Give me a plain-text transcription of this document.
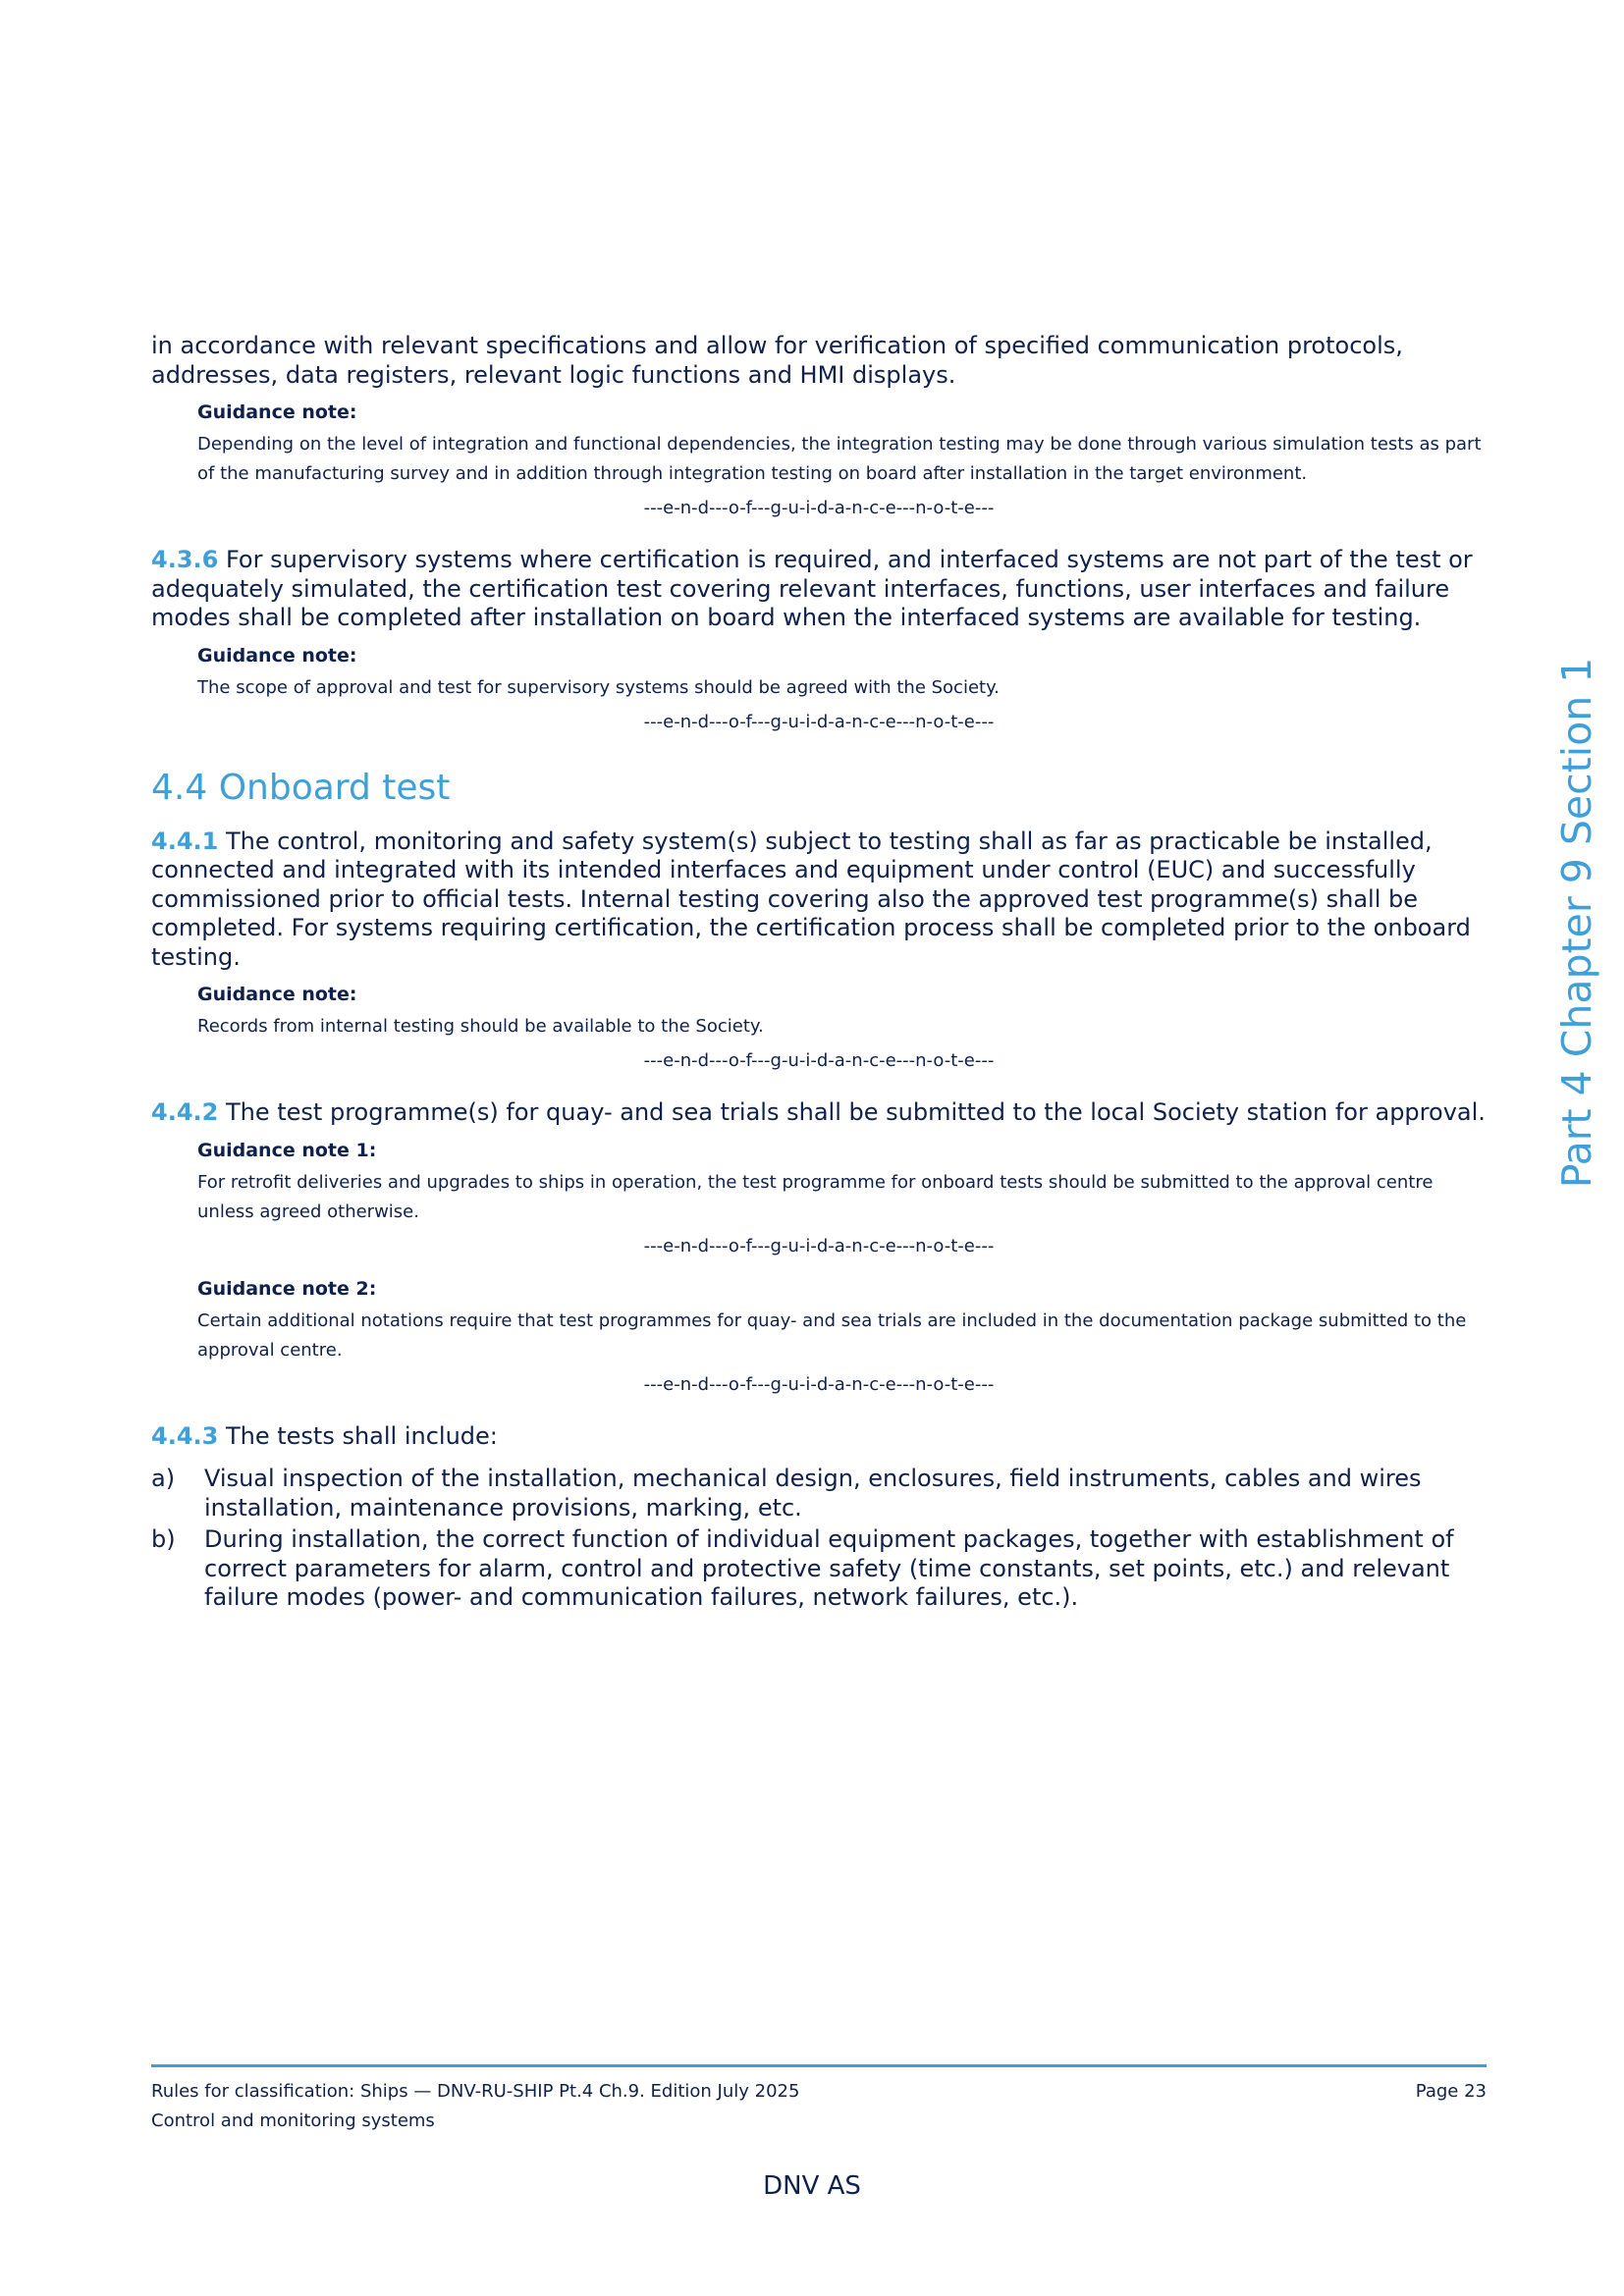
Part 4 Chapter 9 Section 1

in accordance with relevant specifications and allow for verification of specified communication protocols, addresses, data registers, relevant logic functions and HMI displays.

Guidance note:

Depending on the level of integration and functional dependencies, the integration testing may be done through various simulation tests as part of the manufacturing survey and in addition through integration testing on board after installation in the target environment.

---e-n-d---o-f---g-u-i-d-a-n-c-e---n-o-t-e---

4.3.6 For supervisory systems where certification is required, and interfaced systems are not part of the test or adequately simulated, the certification test covering relevant interfaces, functions, user interfaces and failure modes shall be completed after installation on board when the interfaced systems are available for testing.

Guidance note:

The scope of approval and test for supervisory systems should be agreed with the Society.

---e-n-d---o-f---g-u-i-d-a-n-c-e---n-o-t-e---

4.4 Onboard test

4.4.1 The control, monitoring and safety system(s) subject to testing shall as far as practicable be installed, connected and integrated with its intended interfaces and equipment under control (EUC) and successfully commissioned prior to official tests. Internal testing covering also the approved test programme(s) shall be completed. For systems requiring certification, the certification process shall be completed prior to the onboard testing.

Guidance note:

Records from internal testing should be available to the Society.

---e-n-d---o-f---g-u-i-d-a-n-c-e---n-o-t-e---

4.4.2 The test programme(s) for quay- and sea trials shall be submitted to the local Society station for approval.

Guidance note 1:

For retrofit deliveries and upgrades to ships in operation, the test programme for onboard tests should be submitted to the approval centre unless agreed otherwise.

---e-n-d---o-f---g-u-i-d-a-n-c-e---n-o-t-e---

Guidance note 2:

Certain additional notations require that test programmes for quay- and sea trials are included in the documentation package submitted to the approval centre.

---e-n-d---o-f---g-u-i-d-a-n-c-e---n-o-t-e---

4.4.3 The tests shall include:

a)	Visual inspection of the installation, mechanical design, enclosures, field instruments, cables and wires installation, maintenance provisions, marking, etc.
b)	During installation, the correct function of individual equipment packages, together with establishment of correct parameters for alarm, control and protective safety (time constants, set points, etc.) and relevant failure modes (power- and communication failures, network failures, etc.).
Rules for classification: Ships — DNV-RU-SHIP Pt.4 Ch.9. Edition July 2025	Page 23
Control and monitoring systems
DNV AS
